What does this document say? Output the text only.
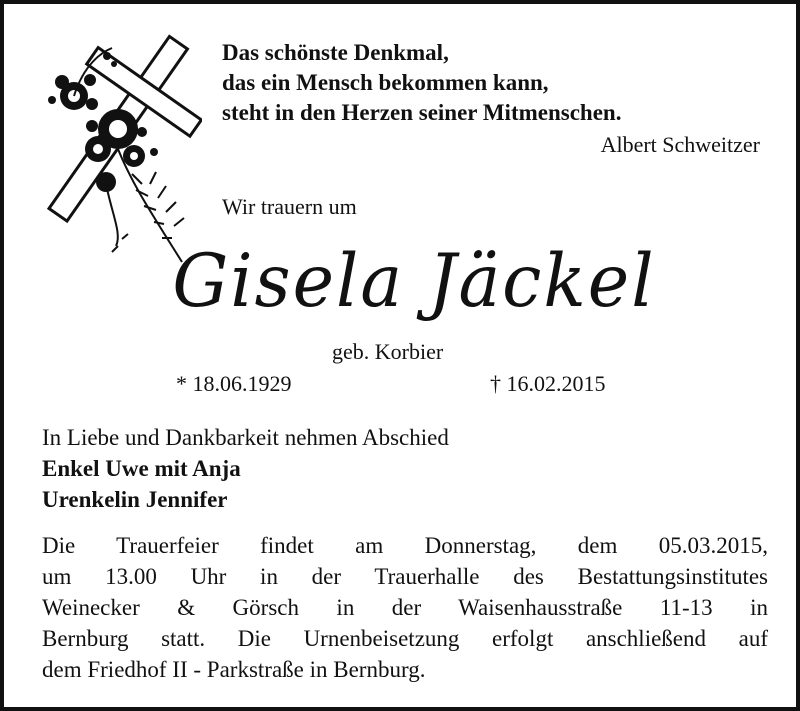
Das schönste Denkmal,
das ein Mensch bekommen kann,
steht in den Herzen seiner Mitmenschen.
Albert Schweitzer
Wir trauern um
Gisela Jäckel
geb. Korbier
* 18.06.1929	† 16.02.2015
In Liebe und Dankbarkeit nehmen Abschied
Enkel Uwe mit Anja
Urenkelin Jennifer
Die Trauerfeier findet am Donnerstag, dem 05.03.2015,
um 13.00 Uhr in der Trauerhalle des Bestattungsinstitutes
Weinecker & Görsch in der Waisenhausstraße 11-13 in
Bernburg statt. Die Urnenbeisetzung erfolgt anschließend auf
dem Friedhof II - Parkstraße in Bernburg.
